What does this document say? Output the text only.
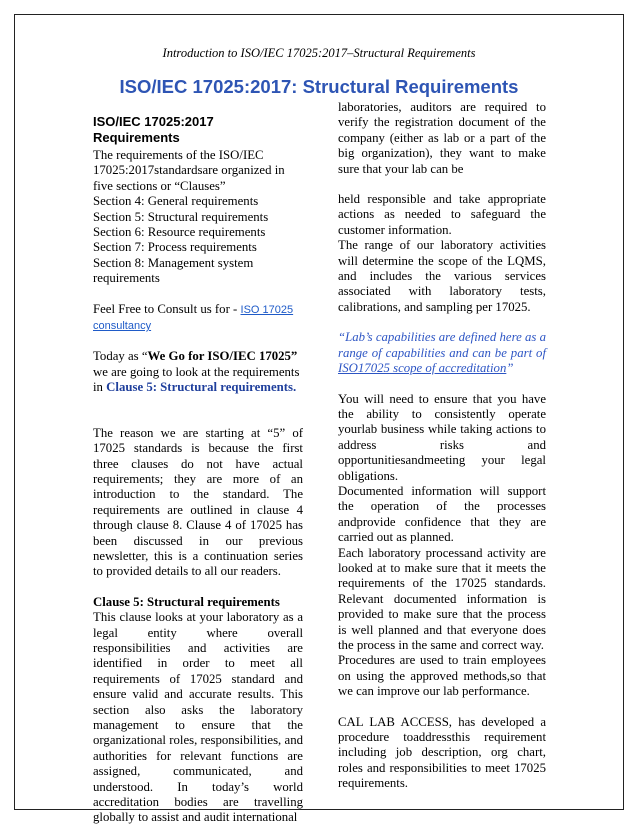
Introduction to ISO/IEC 17025:2017–Structural Requirements
ISO/IEC 17025:2017: Structural Requirements

ISO/IEC 17025:2017 Requirements

The requirements of the ISO/IEC 17025:2017standardsare organized in five sections or “Clauses”

Section 4: General requirements

Section 5: Structural requirements

Section 6: Resource requirements

Section 7: Process requirements

Section 8: Management system requirements

Feel Free to Consult us for - ISO 17025 consultancy

Today as “We Go for ISO/IEC 17025” we are going to look at the requirements in Clause 5: Structural requirements.

The reason we are starting at “5” of 17025 standards is because the first three clauses do not have actual requirements; they are more of an introduction to the standard. The requirements are outlined in clause 4 through clause 8. Clause 4 of 17025 has been discussed in our previous newsletter, this is a continuation series to provided details to all our readers.

Clause 5: Structural requirements

This clause looks at your laboratory as a legal entity where overall responsibilities and activities are identified in order to meet all requirements of 17025 standard and ensure valid and accurate results. This section also asks the laboratory management to ensure that the organizational roles, responsibilities, and authorities for relevant functions are assigned, communicated, and understood. In today’s world accreditation bodies are travelling globally to assist and audit international

laboratories, auditors are required to verify the registration document of the company (either as lab or a part of the big organization), they want to make sure that your lab can be

held responsible and take appropriate actions as needed to safeguard the customer information.

The range of our laboratory activities will determine the scope of the LQMS, and includes the various services associated with laboratory tests, calibrations, and sampling per 17025.

“Lab’s capabilities are defined here as a range of capabilities and can be part of ISO17025 scope of accreditation”

You will need to ensure that you have the ability to consistently operate yourlab business while taking actions to address risks and opportunitiesandmeeting your legal obligations.

Documented information will support the operation of the processes andprovide confidence that they are carried out as planned.

Each laboratory processand activity are looked at to make sure that it meets the requirements of the 17025 standards. Relevant documented information is provided to make sure that the process is well planned and that everyone does the process in the same and correct way.

Procedures are used to train employees on using the approved methods,so that we can improve our lab performance.

CAL LAB ACCESS, has developed a procedure toaddressthis requirement including job description, org chart, roles and responsibilities to meet 17025 requirements.
